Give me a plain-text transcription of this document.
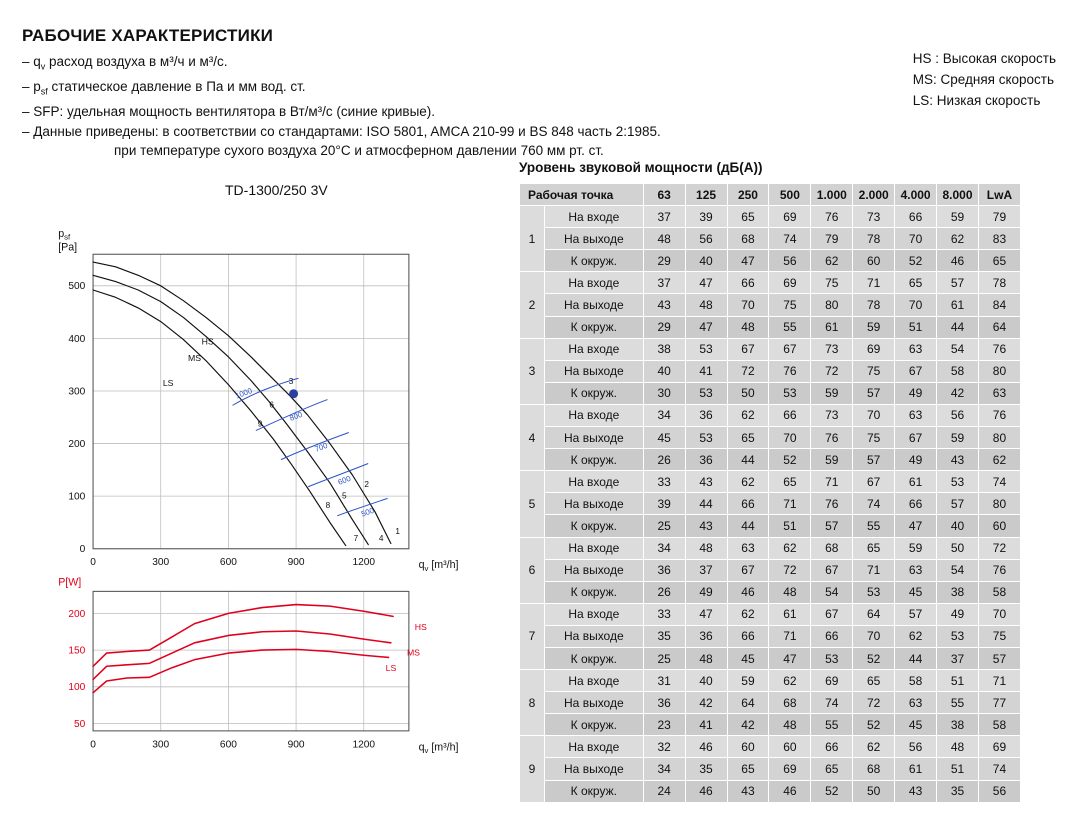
РАБОЧИЕ ХАРАКТЕРИСТИКИ
– $q_v$ расход воздуха в м³/ч и м³/с.
– $p_{sf}$ статическое давление в Па и мм вод. ст.
– SFP: удельная мощность вентилятора в Вт/м³/с (синие кривые).
– Данные приведены: в соответствии со стандартами: ISO 5801, AMCA 210-99 и BS 848 часть 2:1985.
при температуре сухого воздуха 20°C и атмосферном давлении 760 мм рт. ст.
HS : Высокая скорость
MS: Средняя скорость
LS: Низкая скорость
TD-1300/250 3V
0
100
200
300
400
500
0	300	600	900	1200
$p_{sf}$ [Pa]
$q_v$ [m³/h]
HS
MS
LS
1000
800
700
600
500
1
2
3
4
5
6
7
8
9
50
100
150
200
0	300	600	900	1200
P[W]
$q_v$ [m³/h]
HS
MS
LS
Уровень звуковой мощности (дБ(А))
Рабочая точка		63	125	250	500	1.000	2.000	4.000	8.000	LwA
1	На входе	37	39	65	69	76	73	66	59	79
	На выходе	48	56	68	74	79	78	70	62	83
	К окруж.	29	40	47	56	62	60	52	46	65
2	На входе	37	47	66	69	75	71	65	57	78
	На выходе	43	48	70	75	80	78	70	61	84
	К окруж.	29	47	48	55	61	59	51	44	64
3	На входе	38	53	67	67	73	69	63	54	76
	На выходе	40	41	72	76	72	75	67	58	80
	К окруж.	30	53	50	53	59	57	49	42	63
4	На входе	34	36	62	66	73	70	63	56	76
	На выходе	45	53	65	70	76	75	67	59	80
	К окруж.	26	36	44	52	59	57	49	43	62
5	На входе	33	43	62	65	71	67	61	53	74
	На выходе	39	44	66	71	76	74	66	57	80
	К окруж.	25	43	44	51	57	55	47	40	60
6	На входе	34	48	63	62	68	65	59	50	72
	На выходе	36	37	67	72	67	71	63	54	76
	К окруж.	26	49	46	48	54	53	45	38	58
7	На входе	33	47	62	61	67	64	57	49	70
	На выходе	35	36	66	71	66	70	62	53	75
	К окруж.	25	48	45	47	53	52	44	37	57
8	На входе	31	40	59	62	69	65	58	51	71
	На выходе	36	42	64	68	74	72	63	55	77
	К окруж.	23	41	42	48	55	52	45	38	58
9	На входе	32	46	60	60	66	62	56	48	69
	На выходе	34	35	65	69	65	68	61	51	74
	К окруж.	24	46	43	46	52	50	43	35	56
